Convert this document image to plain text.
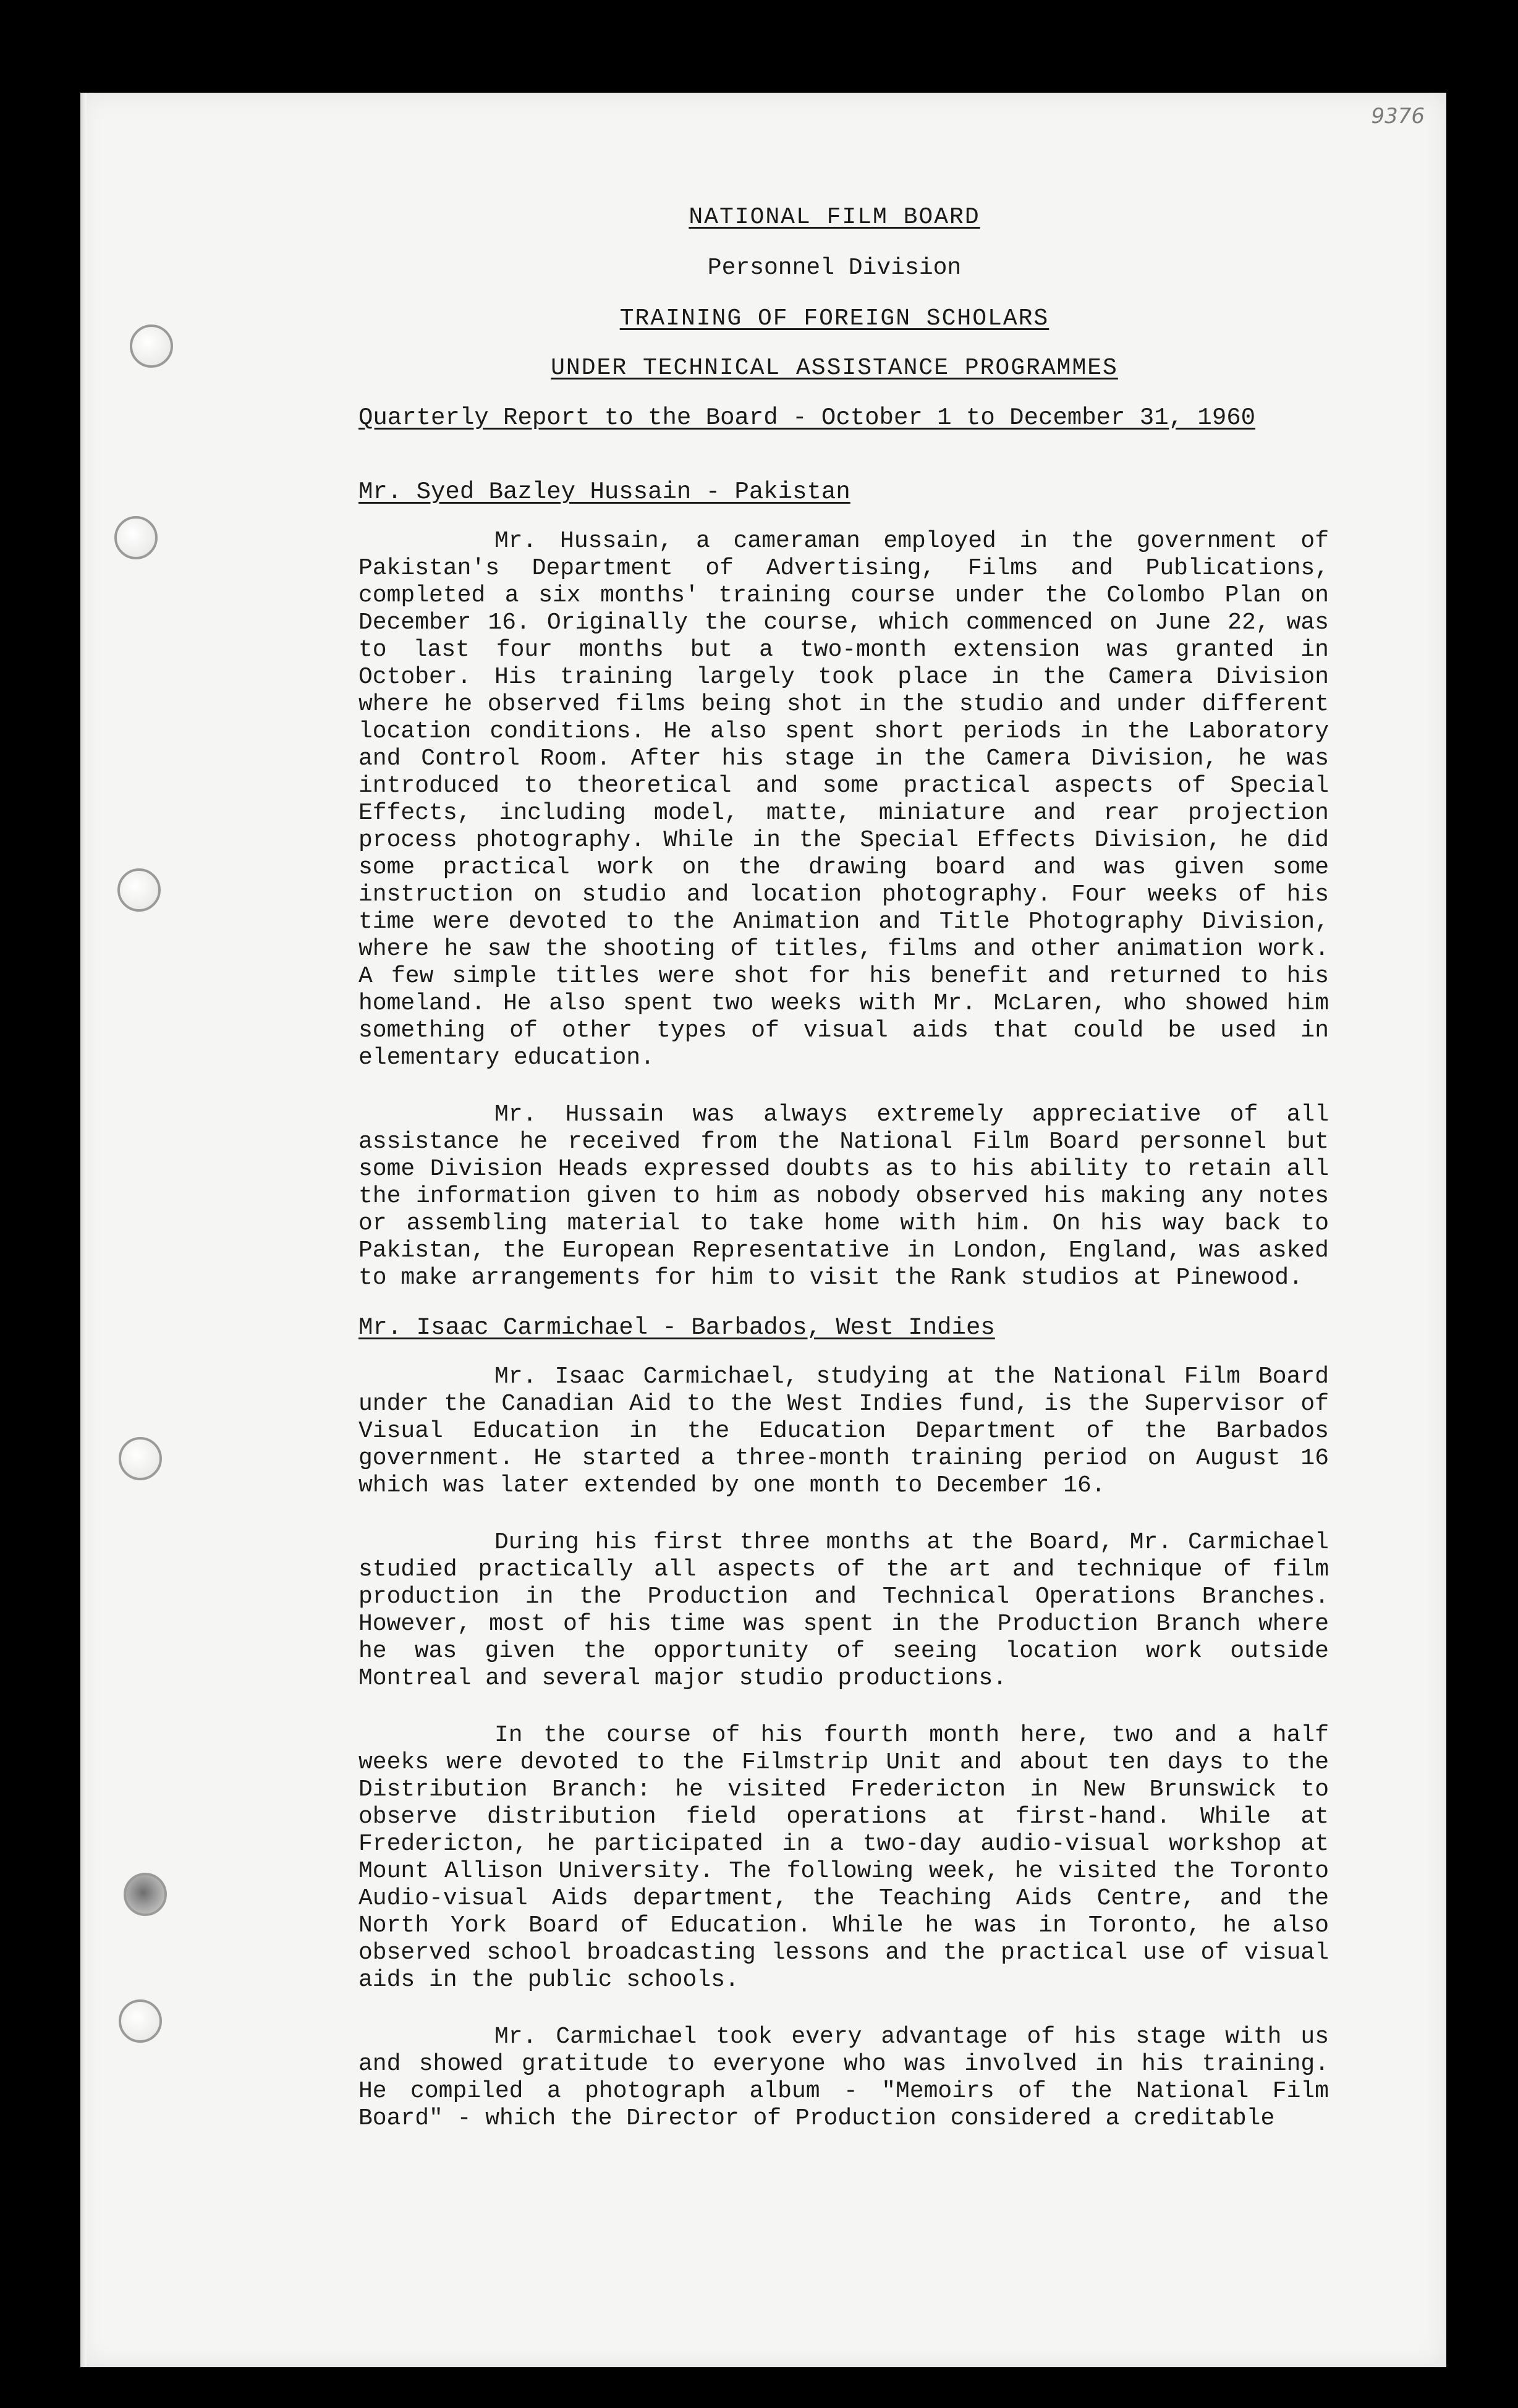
9376

NATIONAL FILM BOARD

Personnel Division

TRAINING OF FOREIGN SCHOLARS

UNDER TECHNICAL ASSISTANCE PROGRAMMES

Quarterly Report to the Board - October 1 to December 31, 1960

Mr. Syed Bazley Hussain - Pakistan

Mr. Hussain, a cameraman employed in the government of Pakistan's Department of Advertising, Films and Publications, completed a six months' training course under the Colombo Plan on December 16. Originally the course, which commenced on June 22, was to last four months but a two-month extension was granted in October. His training largely took place in the Camera Division where he observed films being shot in the studio and under different location conditions. He also spent short periods in the Laboratory and Control Room. After his stage in the Camera Division, he was introduced to theoretical and some practical aspects of Special Effects, including model, matte, miniature and rear projection process photography. While in the Special Effects Division, he did some practical work on the drawing board and was given some instruction on studio and location photography. Four weeks of his time were devoted to the Animation and Title Photography Division, where he saw the shooting of titles, films and other animation work. A few simple titles were shot for his benefit and returned to his homeland. He also spent two weeks with Mr. McLaren, who showed him something of other types of visual aids that could be used in elementary education.

Mr. Hussain was always extremely appreciative of all assistance he received from the National Film Board personnel but some Division Heads expressed doubts as to his ability to retain all the information given to him as nobody observed his making any notes or assembling material to take home with him. On his way back to Pakistan, the European Representative in London, England, was asked to make arrangements for him to visit the Rank studios at Pinewood.

Mr. Isaac Carmichael - Barbados, West Indies

Mr. Isaac Carmichael, studying at the National Film Board under the Canadian Aid to the West Indies fund, is the Supervisor of Visual Education in the Education Department of the Barbados government. He started a three-month training period on August 16 which was later extended by one month to December 16.

During his first three months at the Board, Mr. Carmichael studied practically all aspects of the art and technique of film production in the Production and Technical Operations Branches. However, most of his time was spent in the Production Branch where he was given the opportunity of seeing location work outside Montreal and several major studio productions.

In the course of his fourth month here, two and a half weeks were devoted to the Filmstrip Unit and about ten days to the Distribution Branch: he visited Fredericton in New Brunswick to observe distribution field operations at first-hand. While at Fredericton, he participated in a two-day audio-visual workshop at Mount Allison University. The following week, he visited the Toronto Audio-visual Aids department, the Teaching Aids Centre, and the North York Board of Education. While he was in Toronto, he also observed school broadcasting lessons and the practical use of visual aids in the public schools.

Mr. Carmichael took every advantage of his stage with us and showed gratitude to everyone who was involved in his training. He compiled a photograph album - "Memoirs of the National Film Board" - which the Director of Production considered a creditable
